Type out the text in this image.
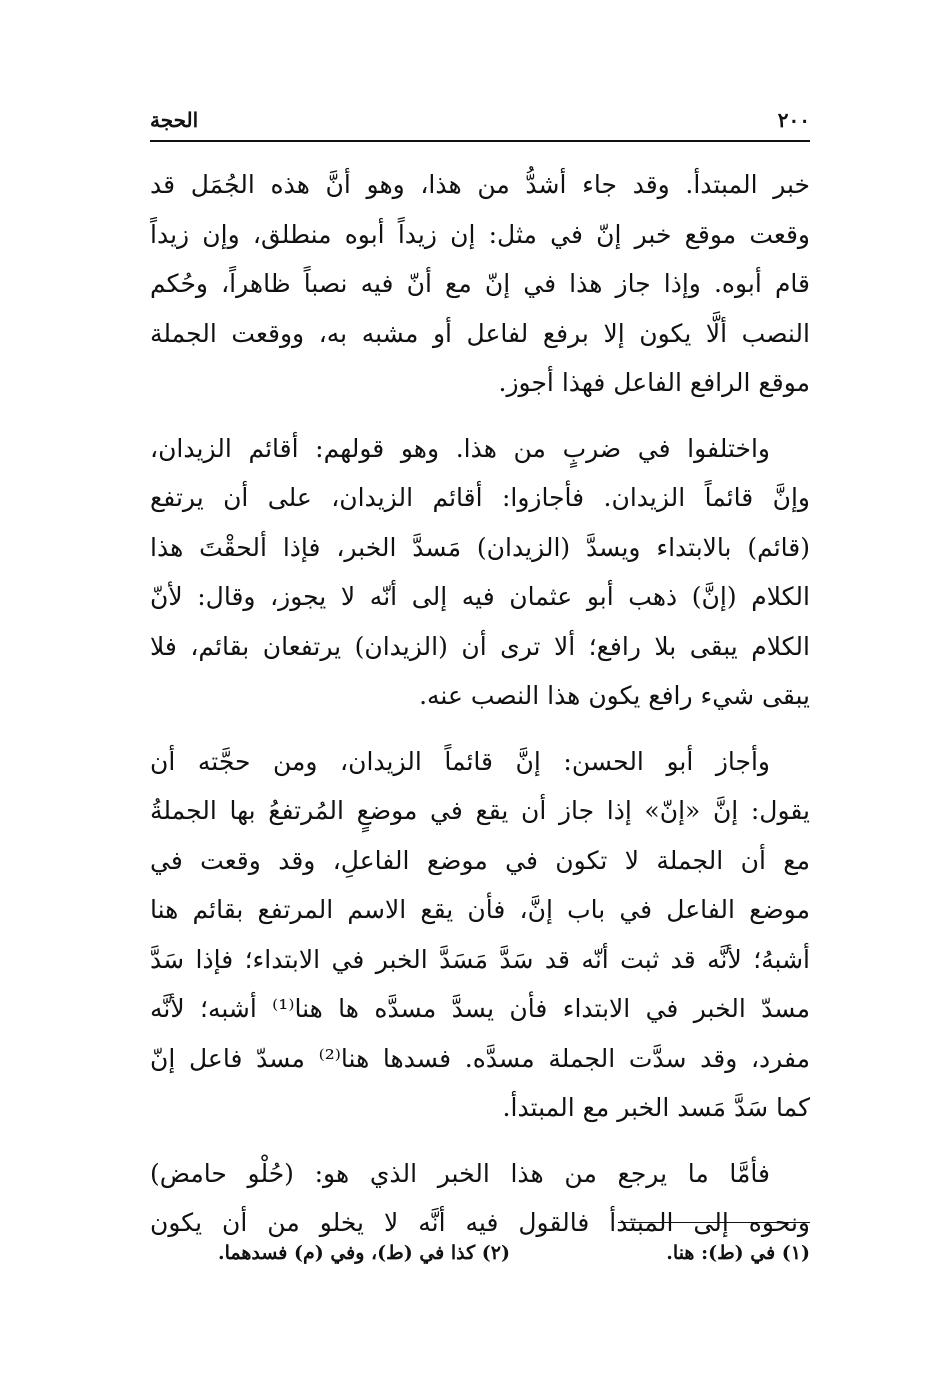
٢٠٠
الحجة

خبر المبتدأ. وقد جاء أشدُّ من هذا، وهو أنَّ هذه الجُمَل قد
وقعت موقع خبر إنّ في مثل: إن زيداً أبوه منطلق، وإن زيداً
قام أبوه. وإذا جاز هذا في إنّ مع أنّ فيه نصباً ظاهراً، وحُكم
النصب ألَّا يكون إلا برفع لفاعل أو مشبه به، ووقعت الجملة
موقع الرافع الفاعل فهذا أجوز.

واختلفوا في ضربٍ من هذا. وهو قولهم: أقائم الزيدان،
وإنَّ قائماً الزيدان. فأجازوا: أقائم الزيدان، على أن يرتفع
(قائم) بالابتداء ويسدَّ (الزيدان) مَسدَّ الخبر، فإذا ألحقْتَ هذا
الكلام (إنَّ) ذهب أبو عثمان فيه إلى أنّه لا يجوز، وقال: لأنّ
الكلام يبقى بلا رافع؛ ألا ترى أن (الزيدان) يرتفعان بقائم، فلا
يبقى شيء رافع يكون هذا النصب عنه.

وأجاز أبو الحسن: إنَّ قائماً الزيدان، ومن حجَّته أن
يقول: إنَّ «إنّ» إذا جاز أن يقع في موضعٍ المُرتفعُ بها الجملةُ
مع أن الجملة لا تكون في موضع الفاعلِ، وقد وقعت في
موضع الفاعل في باب إنَّ، فأن يقع الاسم المرتفع بقائم هنا
أشبهُ؛ لأنَّه قد ثبت أنّه قد سَدَّ مَسَدَّ الخبر في الابتداء؛ فإذا سَدَّ
مسدّ الخبر في الابتداء فأن يسدَّ مسدَّه ها هنا⁽¹⁾ أشبه؛ لأنَّه
مفرد، وقد سدَّت الجملة مسدَّه. فسدها هنا⁽²⁾ مسدّ فاعل إنّ
كما سَدَّ مَسد الخبر مع المبتدأ.

فأمَّا ما يرجع من هذا الخبر الذي هو: (حُلْو حامض)
ونحوه إلى المبتدأ فالقول فيه أنَّه لا يخلو من أن يكون

(١) في (ط): هنا.
(٢) كذا في (ط)، وفي (م) فسدهما.
